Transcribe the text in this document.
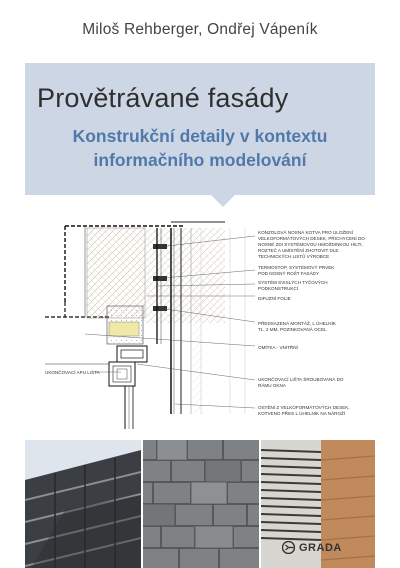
Miloš Rehberger, Ondřej Vápeník
Provětrávané fasády
Konstrukční detaily v kontextu
informačního modelování
KONZOLOVÁ NOSNÁ KOTVA PRO ULOŽENÍ VELKOFORMÁTOVÝCH DESEK, PŘICHYCENÍ DO NOSNÉ ZDI SYSTÉMOVOU HMOŽDINKOU HILTI, ROZTEČ A UMÍSTĚNÍ ZHOTOVIT DLE TECHNICKÝCH LISTŮ VÝROBCE
TERMOSTOP, SYSTÉMOVÝ PRVEK POD NOSNÝ ROŠT FASÁDY
SYSTÉM SVISLÝCH TYČOVÝCH PODKONSTRUKCÍ
DIFUZNÍ FOLIE
PŘEDSAZENÁ MONTÁŽ, L ÚHELNÍK TL. 2 MM, POZINKOVANÁ OCEL
OMÍTKA - VNITŘNÍ
UKONČOVACÍ LIŠTA ŠROUBOVANÁ DO RÁMU OKNA
OSTĚNÍ Z VELKOFORMÁTOVÝCH DESEK, KOTVENO PŘES L ÚHELNÍK NA NÁROŽÍ
UKONČOVACÍ APU LIŠTA
GRADA
